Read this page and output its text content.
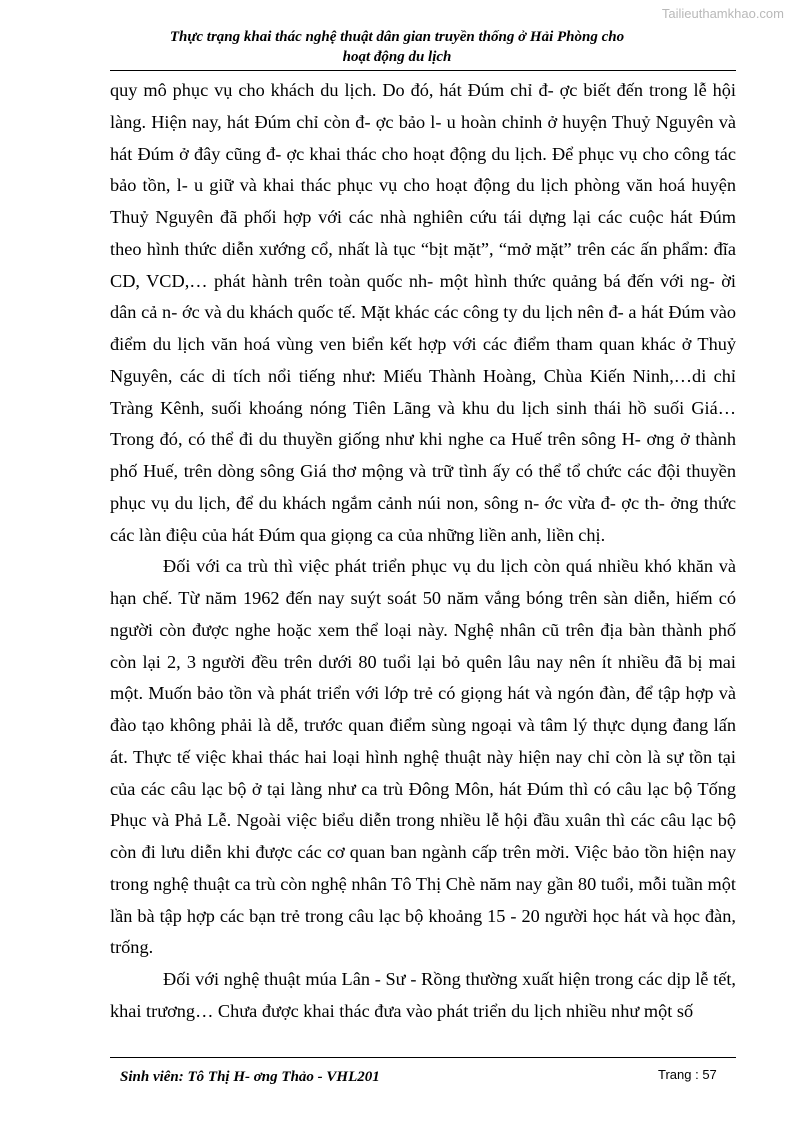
Tailieuthamkhao.com
Thực trạng khai thác nghệ thuật dân gian truyền thống ở Hải Phòng cho
hoạt động du lịch

quy mô phục vụ cho khách du lịch. Do đó, hát Đúm chỉ đ- ợc biết đến trong lễ hội làng. Hiện nay, hát Đúm chỉ còn đ- ợc bảo l- u hoàn chỉnh ở huyện Thuỷ Nguyên và hát Đúm ở đây cũng đ- ợc khai thác cho hoạt động du lịch. Để phục vụ cho công tác bảo tồn, l- u giữ và khai thác phục vụ cho hoạt động du lịch phòng văn hoá huyện Thuỷ Nguyên đã phối hợp với các nhà nghiên cứu tái dựng lại các cuộc hát Đúm theo hình thức diễn xướng cổ, nhất là tục “bịt mặt”, “mở mặt” trên các ấn phẩm: đĩa CD, VCD,… phát hành trên toàn quốc nh- một hình thức quảng bá đến với ng- ời dân cả n- ớc và du khách quốc tế. Mặt khác các công ty du lịch nên đ- a hát Đúm vào điểm du lịch văn hoá vùng ven biển kết hợp với các điểm tham quan khác ở Thuỷ Nguyên, các di tích nổi tiếng như: Miếu Thành Hoàng, Chùa Kiến Ninh,…di chỉ Tràng Kênh, suối khoáng nóng Tiên Lãng và khu du lịch sinh thái hồ suối Giá…Trong đó, có thể đi du thuyền giống như khi nghe ca Huế trên sông H- ơng ở thành phố Huế, trên dòng sông Giá thơ mộng và trữ tình ấy có thể tổ chức các đội thuyền phục vụ du lịch, để du khách ngắm cảnh núi non, sông n- ớc vừa đ- ợc th- ởng thức các làn điệu của hát Đúm qua giọng ca của những liền anh, liền chị.

Đối với ca trù thì việc phát triển phục vụ du lịch còn quá nhiều khó khăn và hạn chế. Từ năm 1962 đến nay suýt soát 50 năm vắng bóng trên sàn diễn, hiếm có người còn được nghe hoặc xem thể loại này. Nghệ nhân cũ trên địa bàn thành phố còn lại 2, 3 người đều trên dưới 80 tuổi lại bỏ quên lâu nay nên ít nhiều đã bị mai một. Muốn bảo tồn và phát triển với lớp trẻ có giọng hát và ngón đàn, để tập hợp và đào tạo không phải là dễ, trước quan điểm sùng ngoại và tâm lý thực dụng đang lấn át. Thực tế việc khai thác hai loại hình nghệ thuật này hiện nay chỉ còn là sự tồn tại của các câu lạc bộ ở tại làng như ca trù Đông Môn, hát Đúm thì có câu lạc bộ Tống Phục và Phả Lễ. Ngoài việc biểu diễn trong nhiều lễ hội đầu xuân thì các câu lạc bộ còn đi lưu diễn khi được các cơ quan ban ngành cấp trên mời. Việc bảo tồn hiện nay trong nghệ thuật ca trù còn nghệ nhân Tô Thị Chè năm nay gần 80 tuổi, mỗi tuần một lần bà tập hợp các bạn trẻ trong câu lạc bộ khoảng 15 - 20 người học hát và học đàn, trống.

Đối với nghệ thuật múa Lân - Sư - Rồng thường xuất hiện trong các dịp lễ tết, khai trương… Chưa được khai thác đưa vào phát triển du lịch nhiều như một số

Sinh viên: Tô Thị H- ơng Thảo - VHL201	Trang : 57
